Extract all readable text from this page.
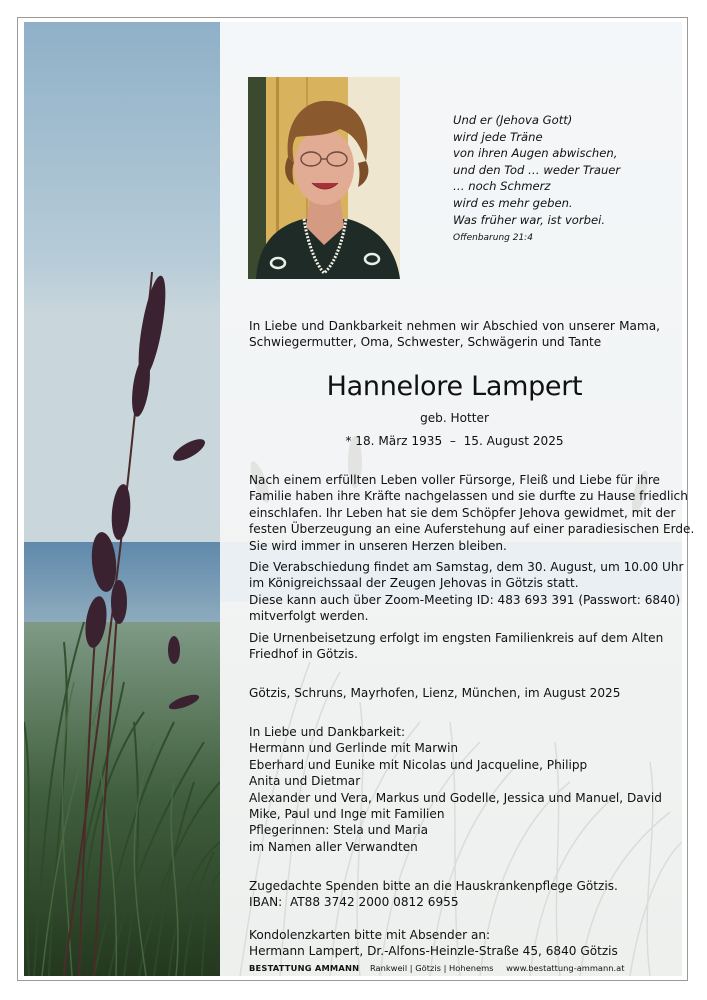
Und er (Jehova Gott)
wird jede Träne
von ihren Augen abwischen,
und den Tod … weder Trauer
… noch Schmerz
wird es mehr geben.
Was früher war, ist vorbei.
Offenbarung 21:4
In Liebe und Dankbarkeit nehmen wir Abschied von unserer Mama,
Schwiegermutter, Oma, Schwester, Schwägerin und Tante
Hannelore Lampert
geb. Hotter
* 18. März 1935  –  15. August 2025
Nach einem erfüllten Leben voller Fürsorge, Fleiß und Liebe für ihre
Familie haben ihre Kräfte nachgelassen und sie durfte zu Hause friedlich
einschlafen. Ihr Leben hat sie dem Schöpfer Jehova gewidmet, mit der
festen Überzeugung an eine Auferstehung auf einer paradiesischen Erde.
Sie wird immer in unseren Herzen bleiben.
Die Verabschiedung findet am Samstag, dem 30. August, um 10.00 Uhr
im Königreichssaal der Zeugen Jehovas in Götzis statt.
Diese kann auch über Zoom-Meeting ID: 483 693 391 (Passwort: 6840)
mitverfolgt werden.
Die Urnenbeisetzung erfolgt im engsten Familienkreis auf dem Alten
Friedhof in Götzis.
Götzis, Schruns, Mayrhofen, Lienz, München, im August 2025
In Liebe und Dankbarkeit:
Hermann und Gerlinde mit Marwin
Eberhard und Eunike mit Nicolas und Jacqueline, Philipp
Anita und Dietmar
Alexander und Vera, Markus und Godelle, Jessica und Manuel, David
Mike, Paul und Inge mit Familien
Pflegerinnen: Stela und Maria
im Namen aller Verwandten
Zugedachte Spenden bitte an die Hauskrankenpflege Götzis.
IBAN:  AT88 3742 2000 0812 6955
Kondolenzkarten bitte mit Absender an:
Hermann Lampert, Dr.-Alfons-Heinzle-Straße 45, 6840 Götzis
BESTATTUNG AMMANN Rankweil | Götzis | Hohenems www.bestattung-ammann.at
